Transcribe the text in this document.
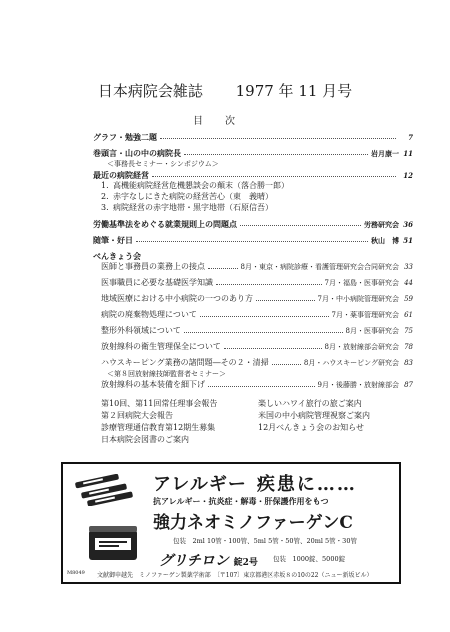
日本病院会雑誌 1977 年 11 月号
目次
グラフ・勉強二題	7
巻頭言・山の中の病院長	岩月康一 11
＜事務長セミナー・シンポジウム＞
最近の病院経営	12
1. 高機能病院経営危機懇談会の顛末（落合勝一郎）
2. 赤字なしにきた病院の経営苦心（東　義晴）
3. 病院経営の赤字地帯・黒字地帯（石原信吾）
労働基準法をめぐる就業規則上の問題点	労務研究会 36
随筆・好日	秋山　博 51
べんきょう会
医師と事務員の業務上の接点	8月・東京・病院診療・看護管理研究会合同研究会 33
医事職員に必要な基礎医学知識	7月・福島・医事研究会 44
地域医療における中小病院の一つのあり方	7月・中小病院管理研究会 59
病院の廃棄物処理について	7月・薬事管理研究会 61
整形外科領域について	8月・医事研究会 75
放射線科の衛生管理保全について	8月・放射線部会研究会 78
ハウスキーピング業務の諸問題―その２・清掃	8月・ハウスキーピング研究会 83
＜第８回放射線技師監督者セミナー＞
放射線科の基本装備を細下げ	9月・後藤勝・放射線部会 87
第10回、第11回常任理事会報告
第２回病院大会報告
診療管理通信教育第12期生募集
日本病院会図書のご案内
楽しいハワイ旅行の旅ご案内
米国の中小病院管理視察ご案内
12月べんきょう会のお知らせ
アレルギー 疾患に……
抗アレルギー・抗炎症・解毒・肝保護作用をもつ
強力ネオミノファーゲンC
包装　2ml 10管・100管、5ml 5管・50管、20ml 5管・30管
グリチロン 錠2号 包装　1000錠、5000錠
M8049 文献御申越先　ミノファーゲン製薬学術部　〔〒107〕東京都港区赤坂８の10の22（ニュー新坂ビル）
